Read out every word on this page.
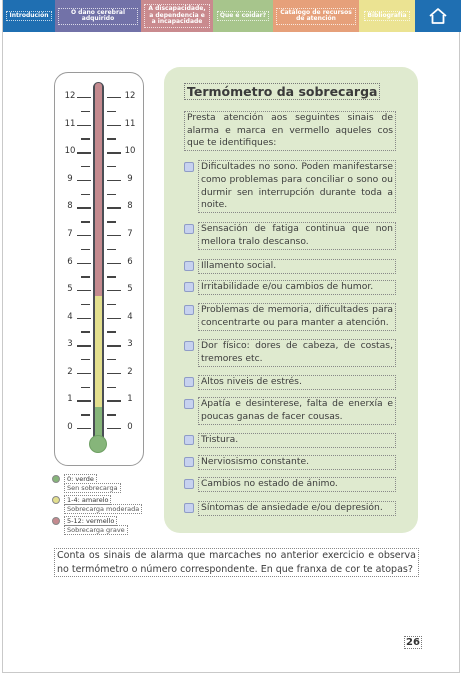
Introdución	O dano cerebral adquirido
A discapacidade, a dependencia e a incapacidade
Que é coidar?	Catálogo de recursos de atención	Bibliografía
12	12
11	11
10	10
9	9
8	8
7	7
6	6
5	5
4	4
3	3
2	2
1	1
0	0
0: verde
Sen sobrecarga
1-4: amarelo
Sobrecarga moderada
5-12: vermello
Sobrecarga grave
Termómetro da sobrecarga
Presta atención aos seguintes sinais de alarma e marca en vermello aqueles cos que te identifiques:
Dificultades no sono. Poden manifestarse como problemas para conciliar o sono ou durmir sen interrupción durante toda a noite.
Sensación de fatiga continua que non mellora tralo descanso.
Illamento social.
Irritabilidade e/ou cambios de humor.
Problemas de memoria, dificultades para concentrarte ou para manter a atención.
Dor físico: dores de cabeza, de costas, tremores etc.
Altos niveis de estrés.
Apatía e desinterese, falta de enerxía e poucas ganas de facer cousas.
Tristura.
Nerviosismo constante.
Cambios no estado de ánimo.
Síntomas de ansiedade e/ou depresión.
Conta os sinais de alarma que marcaches no anterior exercicio e observa no termómetro o número correspondente. En que franxa de cor te atopas?
26
